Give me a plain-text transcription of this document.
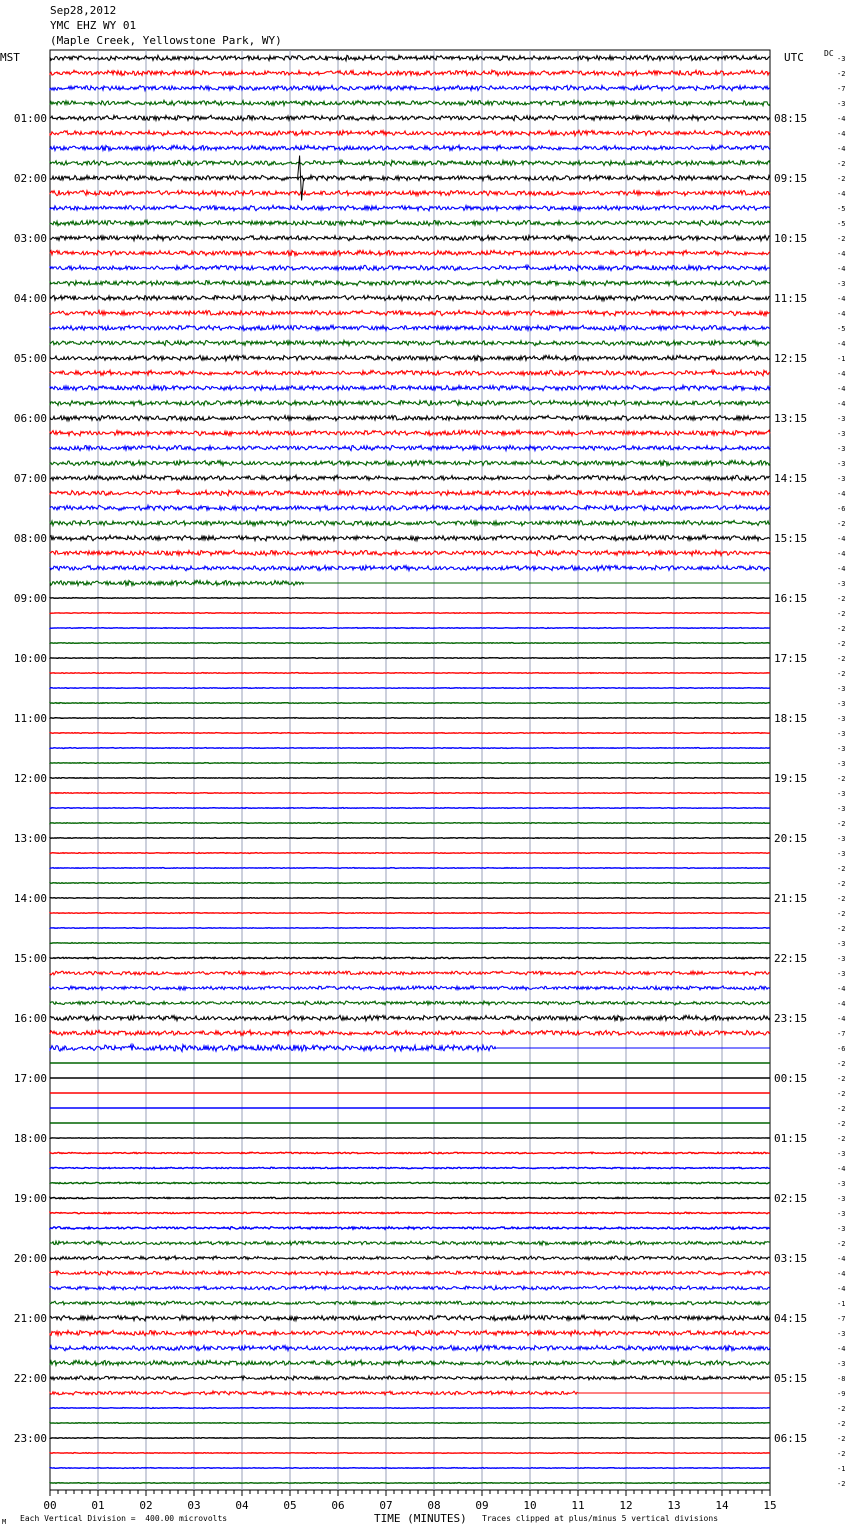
Sep28,2012
YMC EHZ WY 01
(Maple Creek, Yellowstone Park, WY)
MST	UTC	DC
-3
-2
-7
-3
-4
-4
-4
-2
-2
-4
-5
-5
-2
-4
-4
-3
-4
-4
-5
-4
-1
-4
-4
-4
-3
-3
-3
-3
-3
-4
-6
-2
-4
-4
-4
-3
-2
-2
-2
-2
-2
-2
-3
-3
-3
-3
-3
-3
-2
-3
-3
-2
-3
-3
-2
-2
-2
-2
-2
-3
-3
-3
-4
-4
-4
-7
-6
-2
-2
-2
-2
-2
-2
-3
-4
-3
-3
-3
-3
-2
-4
-4
-4
-1
-7
-3
-4
-3
-8
-9
-2
-2
-2
-2
-1
-2
01:00
02:00
03:00
04:00
05:00
06:00
07:00
08:00
09:00
10:00
11:00
12:00
13:00
14:00
15:00
16:00
17:00
18:00
19:00
20:00
21:00
22:00
23:00
08:15
09:15
10:15
11:15
12:15
13:15
14:15
15:15
16:15
17:15
18:15
19:15
20:15
21:15
22:15
23:15
00:15
01:15
02:15
03:15
04:15
05:15
06:15
00	01	02	03	04	05	06	07	08	09	10	11	12	13	14	15
M Each Vertical Division =  400.00 microvolts	TIME (MINUTES) Traces clipped at plus/minus 5 vertical divisions
